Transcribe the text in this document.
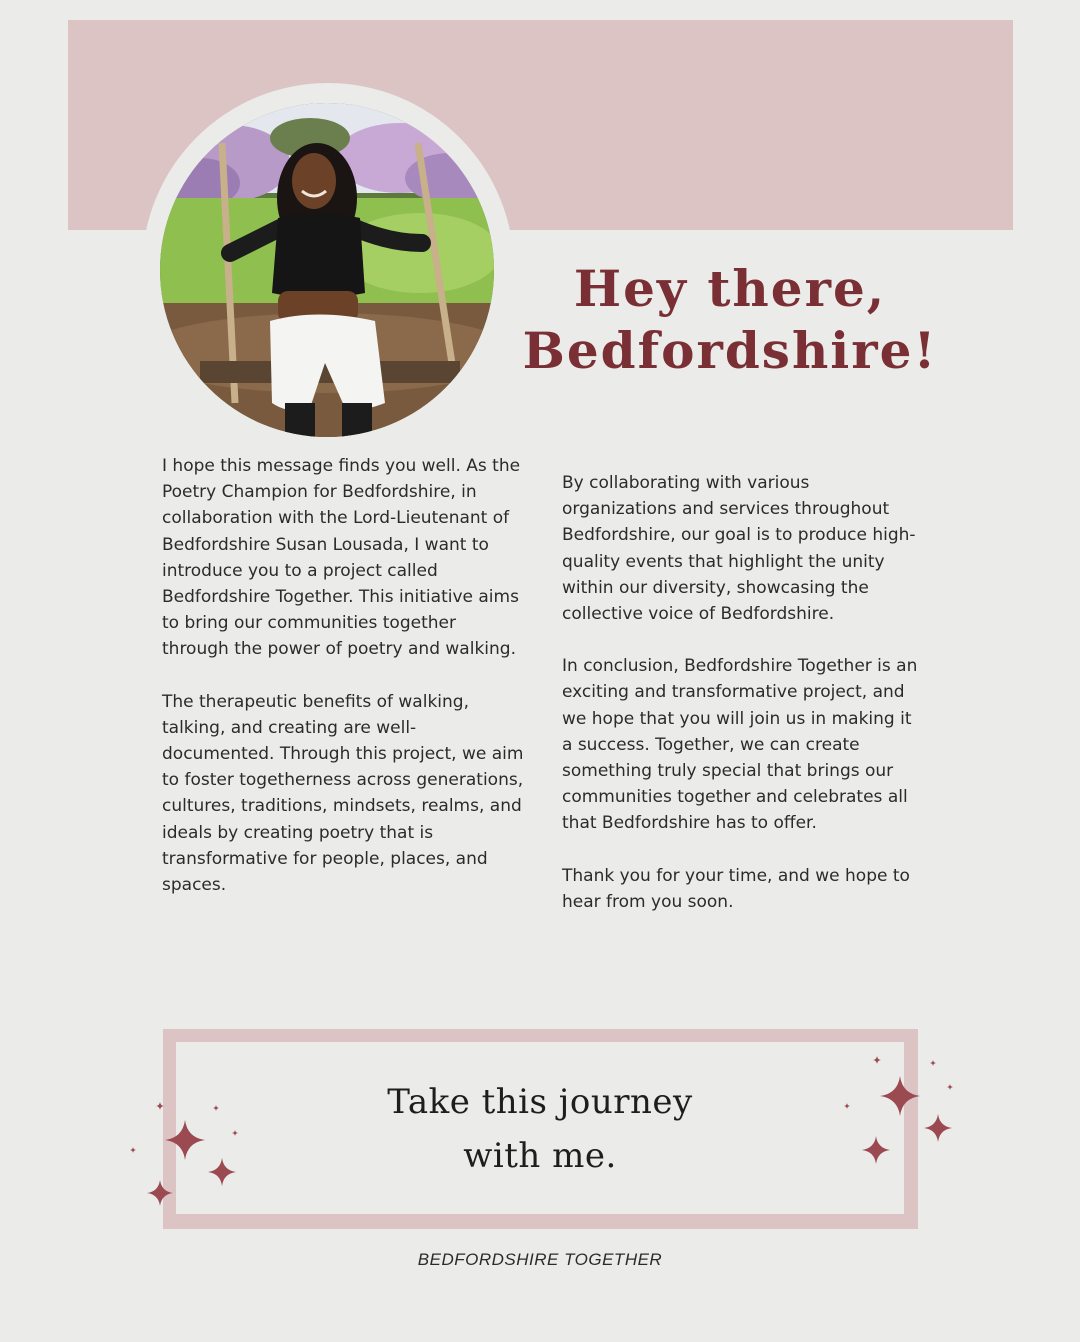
Hey there,
Bedfordshire!

I hope this message finds you well. As the Poetry Champion for Bedfordshire, in collaboration with the Lord-Lieutenant of Bedfordshire Susan Lousada, I want to introduce you to a project called Bedfordshire Together. This initiative aims to bring our communities together through the power of poetry and walking.

The therapeutic benefits of walking, talking, and creating are well-documented. Through this project, we aim to foster togetherness across generations, cultures, traditions, mindsets, realms, and ideals by creating poetry that is transformative for people, places, and spaces.

By collaborating with various organizations and services throughout Bedfordshire, our goal is to produce high-quality events that highlight the unity within our diversity, showcasing the collective voice of Bedfordshire.

In conclusion, Bedfordshire Together is an exciting and transformative project, and we hope that you will join us in making it a success. Together, we can create something truly special that brings our communities together and celebrates all that Bedfordshire has to offer.

Thank you for your time, and we hope to hear from you soon.

Take this journey
with me.
BEDFORDSHIRE TOGETHER
